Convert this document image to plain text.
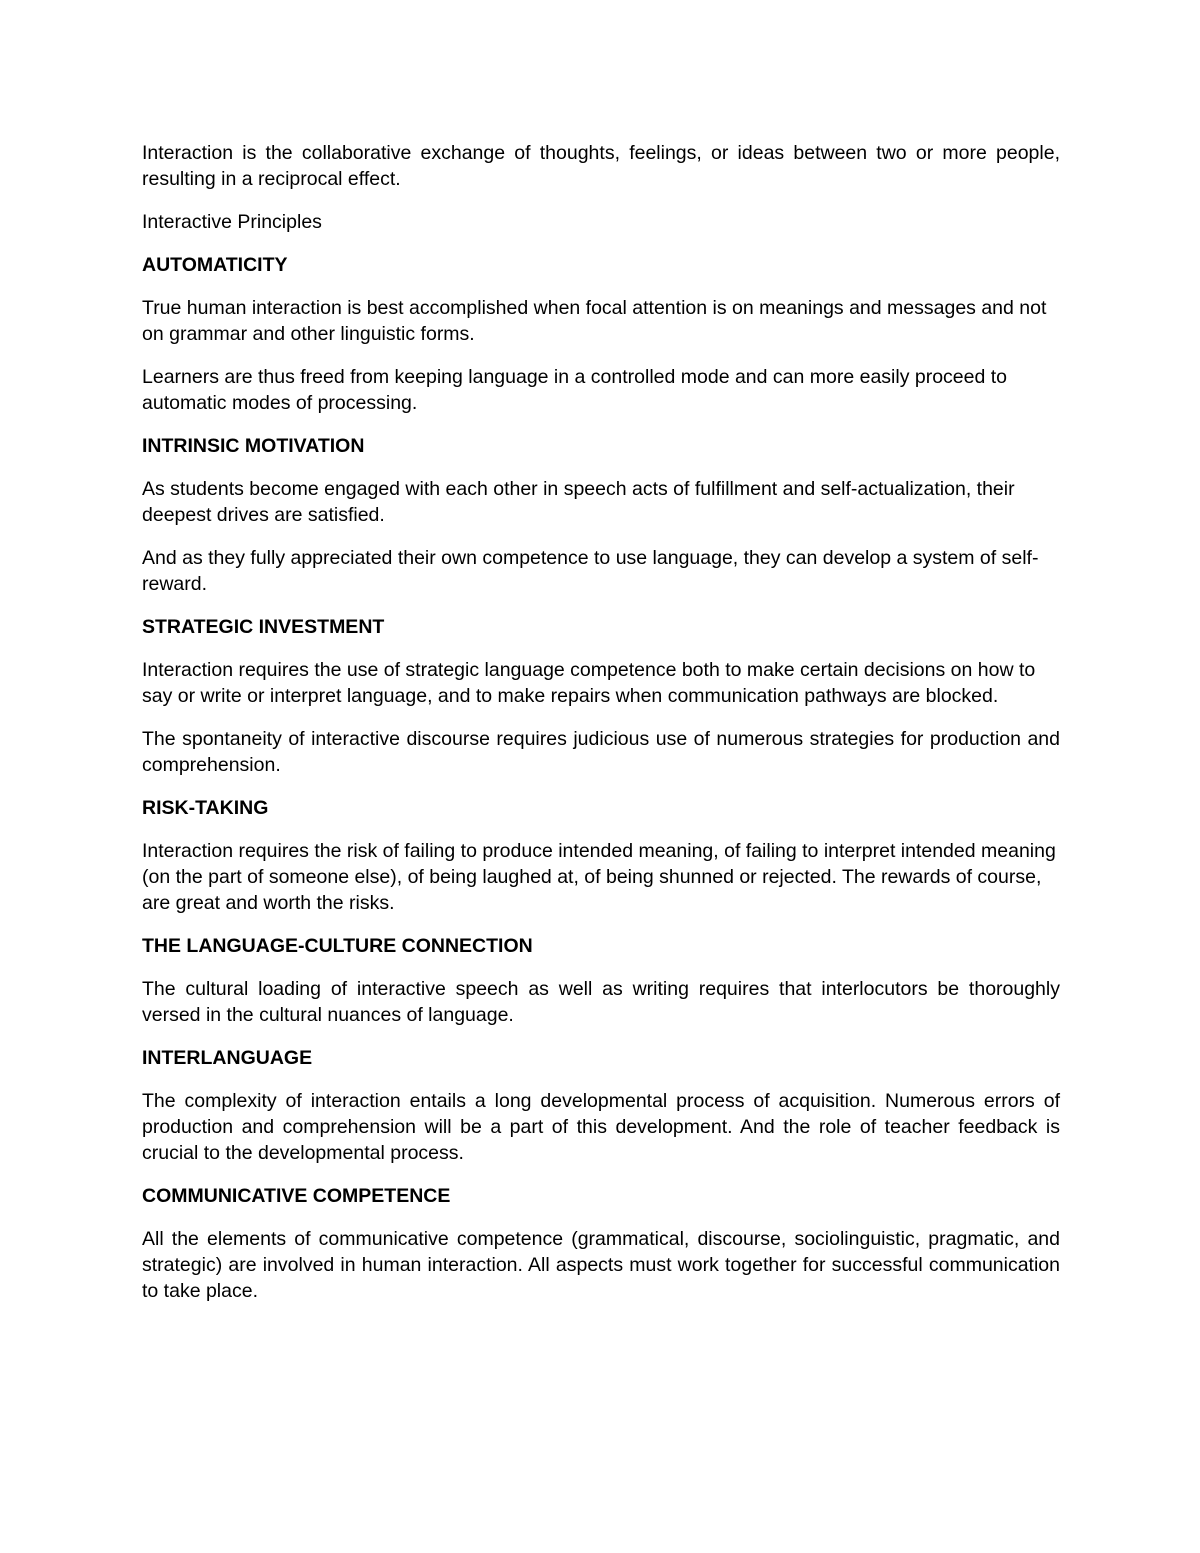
Interaction is the collaborative exchange of thoughts, feelings, or ideas between two or more people, resulting in a reciprocal effect.

Interactive Principles

AUTOMATICITY

True human interaction is best accomplished when focal attention is on meanings and messages and not on grammar and other linguistic forms.

Learners are thus freed from keeping language in a controlled mode and can more easily proceed to automatic modes of processing.

INTRINSIC MOTIVATION

As students become engaged with each other in speech acts of fulfillment and self-actualization, their deepest drives are satisfied.

And as they fully appreciated their own competence to use language, they can develop a system of self-reward.

STRATEGIC INVESTMENT

Interaction requires the use of strategic language competence both to make certain decisions on how to say or write or interpret language, and to make repairs when communication pathways are blocked.

The spontaneity of interactive discourse requires judicious use of numerous strategies for production and comprehension.

RISK-TAKING

Interaction requires the risk of failing to produce intended meaning, of failing to interpret intended meaning (on the part of someone else), of being laughed at, of being shunned or rejected. The rewards of course, are great and worth the risks.

THE LANGUAGE-CULTURE CONNECTION

The cultural loading of interactive speech as well as writing requires that interlocutors be thoroughly versed in the cultural nuances of language.

INTERLANGUAGE

The complexity of interaction entails a long developmental process of acquisition. Numerous errors of production and comprehension will be a part of this development. And the role of teacher feedback is crucial to the developmental process.

COMMUNICATIVE COMPETENCE

All the elements of communicative competence (grammatical, discourse, sociolinguistic, pragmatic, and strategic) are involved in human interaction. All aspects must work together for successful communication to take place.
